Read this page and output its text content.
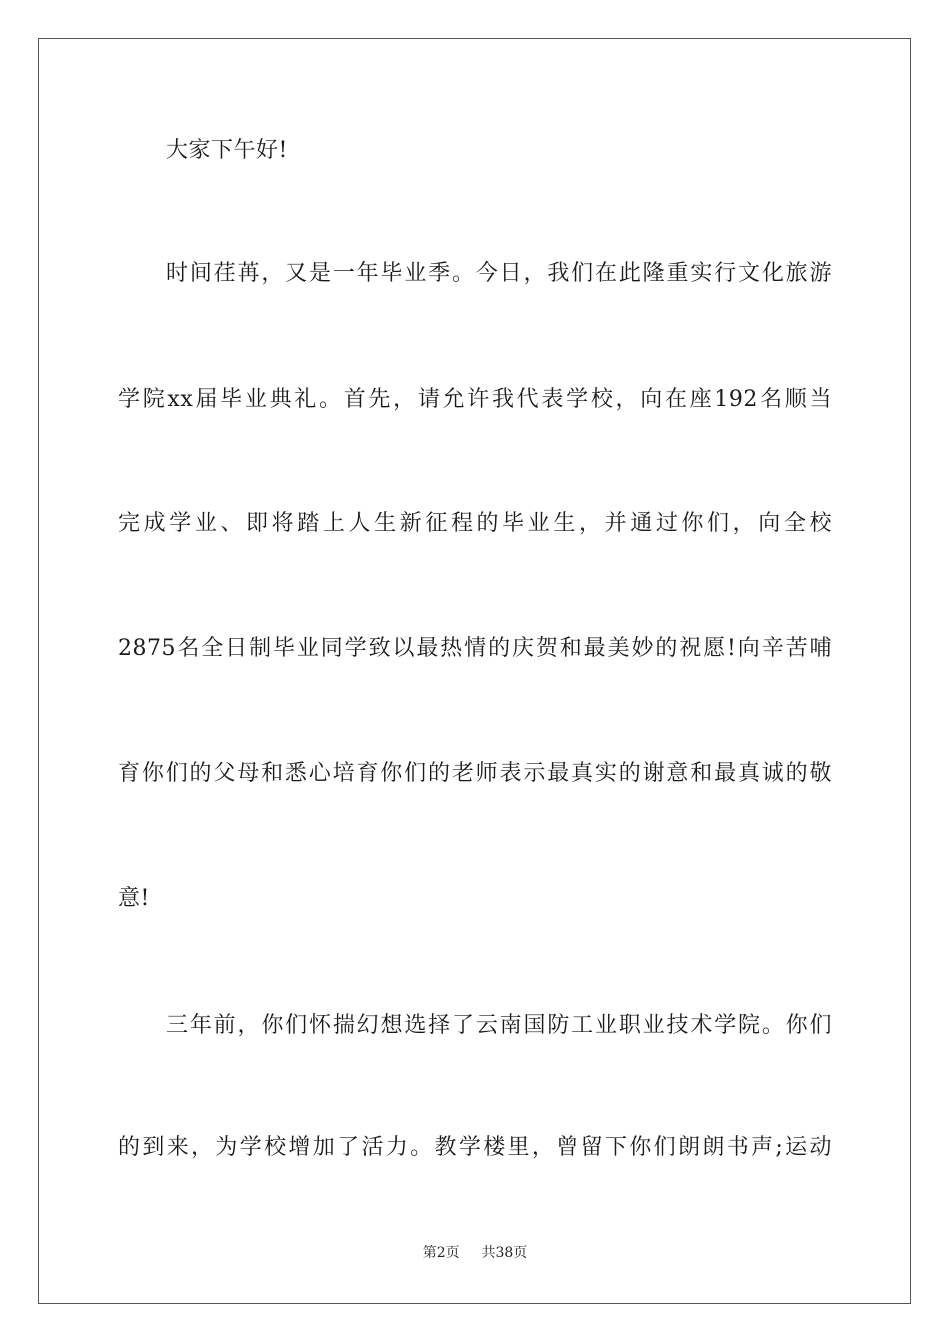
大家下午好!
时间荏苒，又是一年毕业季。今日，我们在此隆重实行文化旅游
学院xx届毕业典礼。首先，请允许我代表学校，向在座192名顺当
完成学业、即将踏上人生新征程的毕业生，并通过你们，向全校
2875名全日制毕业同学致以最热情的庆贺和最美妙的祝愿!向辛苦哺
育你们的父母和悉心培育你们的老师表示最真实的谢意和最真诚的敬
意!
三年前，你们怀揣幻想选择了云南国防工业职业技术学院。你们
的到来，为学校增加了活力。教学楼里，曾留下你们朗朗书声;运动
第2页 共38页
